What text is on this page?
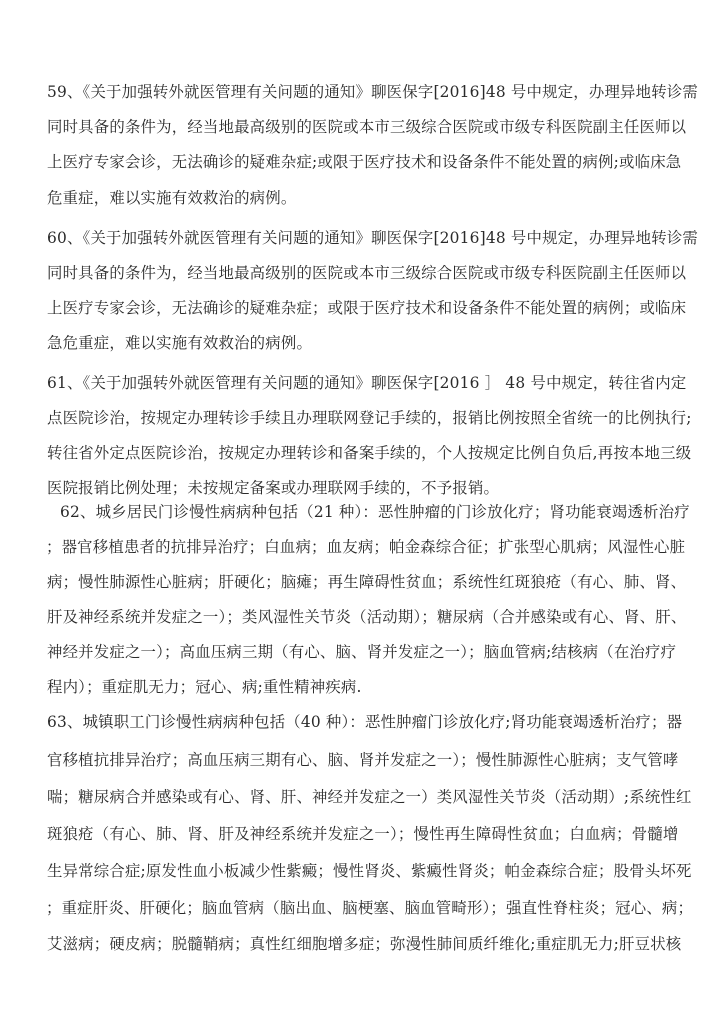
59、《关于加强转外就医管理有关问题的通知》聊医保字[2016]48 号中规定，办理异地转诊需
同时具备的条件为，经当地最高级别的医院或本市三级综合医院或市级专科医院副主任医师以
上医疗专家会诊，无法确诊的疑难杂症;或限于医疗技术和设备条件不能处置的病例;或临床急
危重症，难以实施有效救治的病例。
60、《关于加强转外就医管理有关问题的通知》聊医保字[2016]48 号中规定，办理异地转诊需
同时具备的条件为，经当地最高级别的医院或本市三级综合医院或市级专科医院副主任医师以
上医疗专家会诊，无法确诊的疑难杂症；或限于医疗技术和设备条件不能处置的病例；或临床
急危重症，难以实施有效救治的病例。
61、《关于加强转外就医管理有关问题的通知》聊医保字[2016 ］ 48 号中规定，转往省内定
点医院诊治，按规定办理转诊手续且办理联网登记手续的，报销比例按照全省统一的比例执行;
转往省外定点医院诊治，按规定办理转诊和备案手续的，个人按规定比例自负后,再按本地三级
医院报销比例处理；未按规定备案或办理联网手续的，不予报销。
62、城乡居民门诊慢性病病种包括（21 种）：恶性肿瘤的门诊放化疗；肾功能衰竭透析治疗
；器官移植患者的抗排异治疗；白血病；血友病；帕金森综合征；扩张型心肌病；风湿性心脏
病；慢性肺源性心脏病；肝硬化；脑瘫；再生障碍性贫血；系统性红斑狼疮（有心、肺、肾、
肝及神经系统并发症之一）；类风湿性关节炎（活动期）；糖尿病（合并感染或有心、肾、肝、
神经并发症之一）；高血压病三期（有心、脑、肾并发症之一）；脑血管病;结核病（在治疗疗
程内）；重症肌无力；冠心、病;重性精神疾病.
63、城镇职工门诊慢性病病种包括（40 种）：恶性肿瘤门诊放化疗;肾功能衰竭透析治疗；器
官移植抗排异治疗；高血压病三期有心、脑、肾并发症之一）；慢性肺源性心脏病；支气管哮
喘；糖尿病合并感染或有心、肾、肝、神经并发症之一）类风湿性关节炎（活动期）;系统性红
斑狼疮（有心、肺、肾、肝及神经系统并发症之一）；慢性再生障碍性贫血；白血病；骨髓增
生异常综合症;原发性血小板减少性紫癜；慢性肾炎、紫癜性肾炎；帕金森综合症；股骨头坏死
；重症肝炎、肝硬化；脑血管病（脑出血、脑梗塞、脑血管畸形）；强直性脊柱炎；冠心、病；
艾滋病；硬皮病；脱髓鞘病；真性红细胞增多症；弥漫性肺间质纤维化;重症肌无力;肝豆状核
